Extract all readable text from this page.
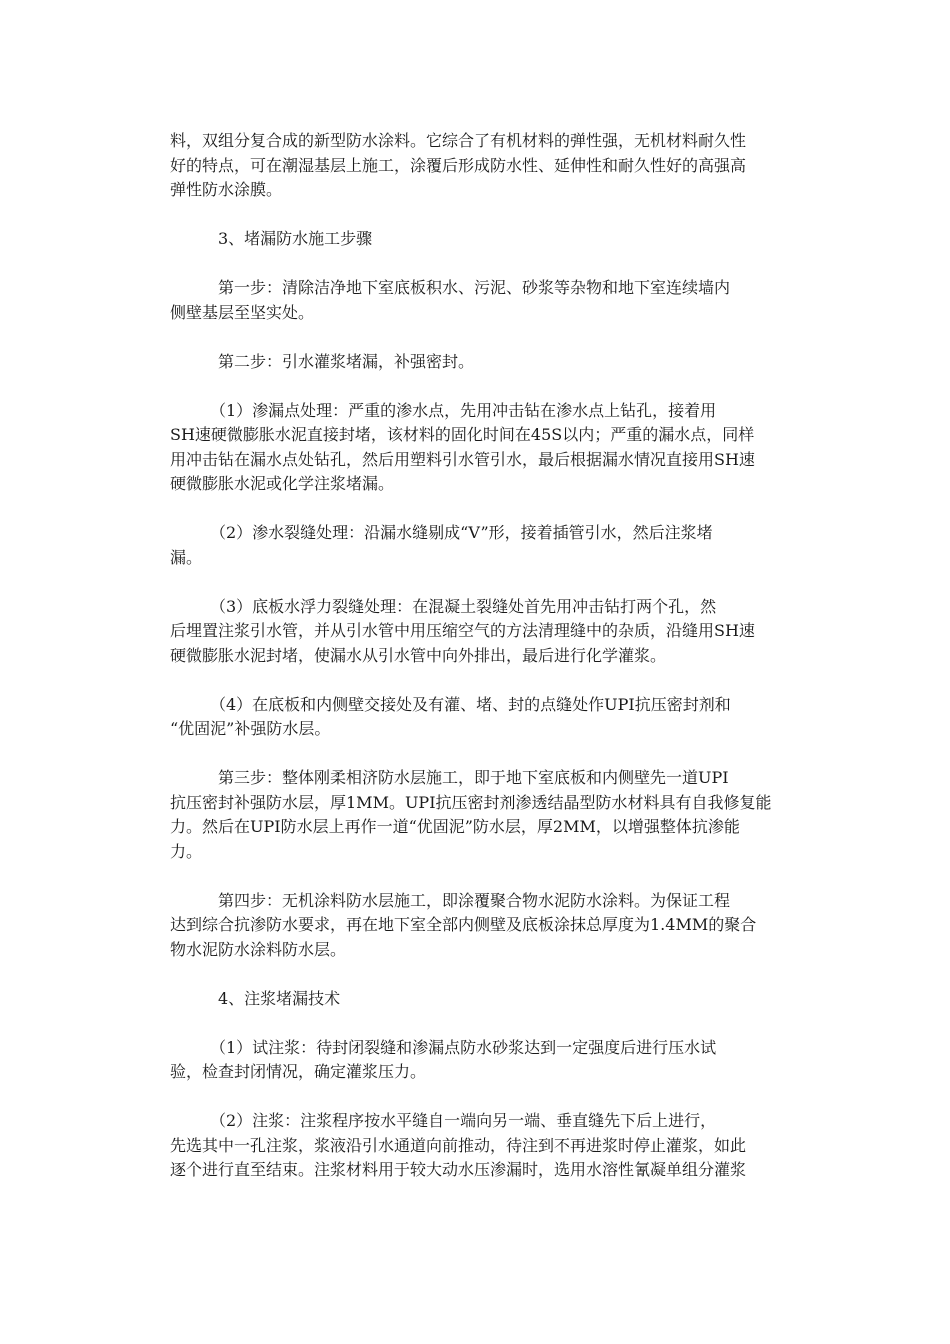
料，双组分复合成的新型防水涂料。它综合了有机材料的弹性强，无机材料耐久性
好的特点，可在潮湿基层上施工，涂覆后形成防水性、延伸性和耐久性好的高强高
弹性防水涂膜。

　　　3、堵漏防水施工步骤

　　　第一步：清除洁净地下室底板积水、污泥、砂浆等杂物和地下室连续墙内
侧壁基层至坚实处。

　　　第二步：引水灌浆堵漏，补强密封。

　　　（1）渗漏点处理：严重的渗水点，先用冲击钻在渗水点上钻孔，接着用
SH速硬微膨胀水泥直接封堵，该材料的固化时间在45S以内；严重的漏水点，同样
用冲击钻在漏水点处钻孔，然后用塑料引水管引水，最后根据漏水情况直接用SH速
硬微膨胀水泥或化学注浆堵漏。

　　　（2）渗水裂缝处理：沿漏水缝剔成“V”形，接着插管引水，然后注浆堵
漏。

　　　（3）底板水浮力裂缝处理：在混凝土裂缝处首先用冲击钻打两个孔，然
后埋置注浆引水管，并从引水管中用压缩空气的方法清理缝中的杂质，沿缝用SH速
硬微膨胀水泥封堵，使漏水从引水管中向外排出，最后进行化学灌浆。

　　　（4）在底板和内侧壁交接处及有灌、堵、封的点缝处作UPI抗压密封剂和
“优固泥”补强防水层。

　　　第三步：整体刚柔相济防水层施工，即于地下室底板和内侧壁先一道UPI
抗压密封补强防水层，厚1MM。UPI抗压密封剂渗透结晶型防水材料具有自我修复能
力。然后在UPI防水层上再作一道“优固泥”防水层，厚2MM，以增强整体抗渗能
力。

　　　第四步：无机涂料防水层施工，即涂覆聚合物水泥防水涂料。为保证工程
达到综合抗渗防水要求，再在地下室全部内侧壁及底板涂抹总厚度为1.4MM的聚合
物水泥防水涂料防水层。

　　　4、注浆堵漏技术

　　　（1）试注浆：待封闭裂缝和渗漏点防水砂浆达到一定强度后进行压水试
验，检查封闭情况，确定灌浆压力。

　　　（2）注浆：注浆程序按水平缝自一端向另一端、垂直缝先下后上进行，
先选其中一孔注浆，浆液沿引水通道向前推动，待注到不再进浆时停止灌浆，如此
逐个进行直至结束。注浆材料用于较大动水压渗漏时，选用水溶性氰凝单组分灌浆
